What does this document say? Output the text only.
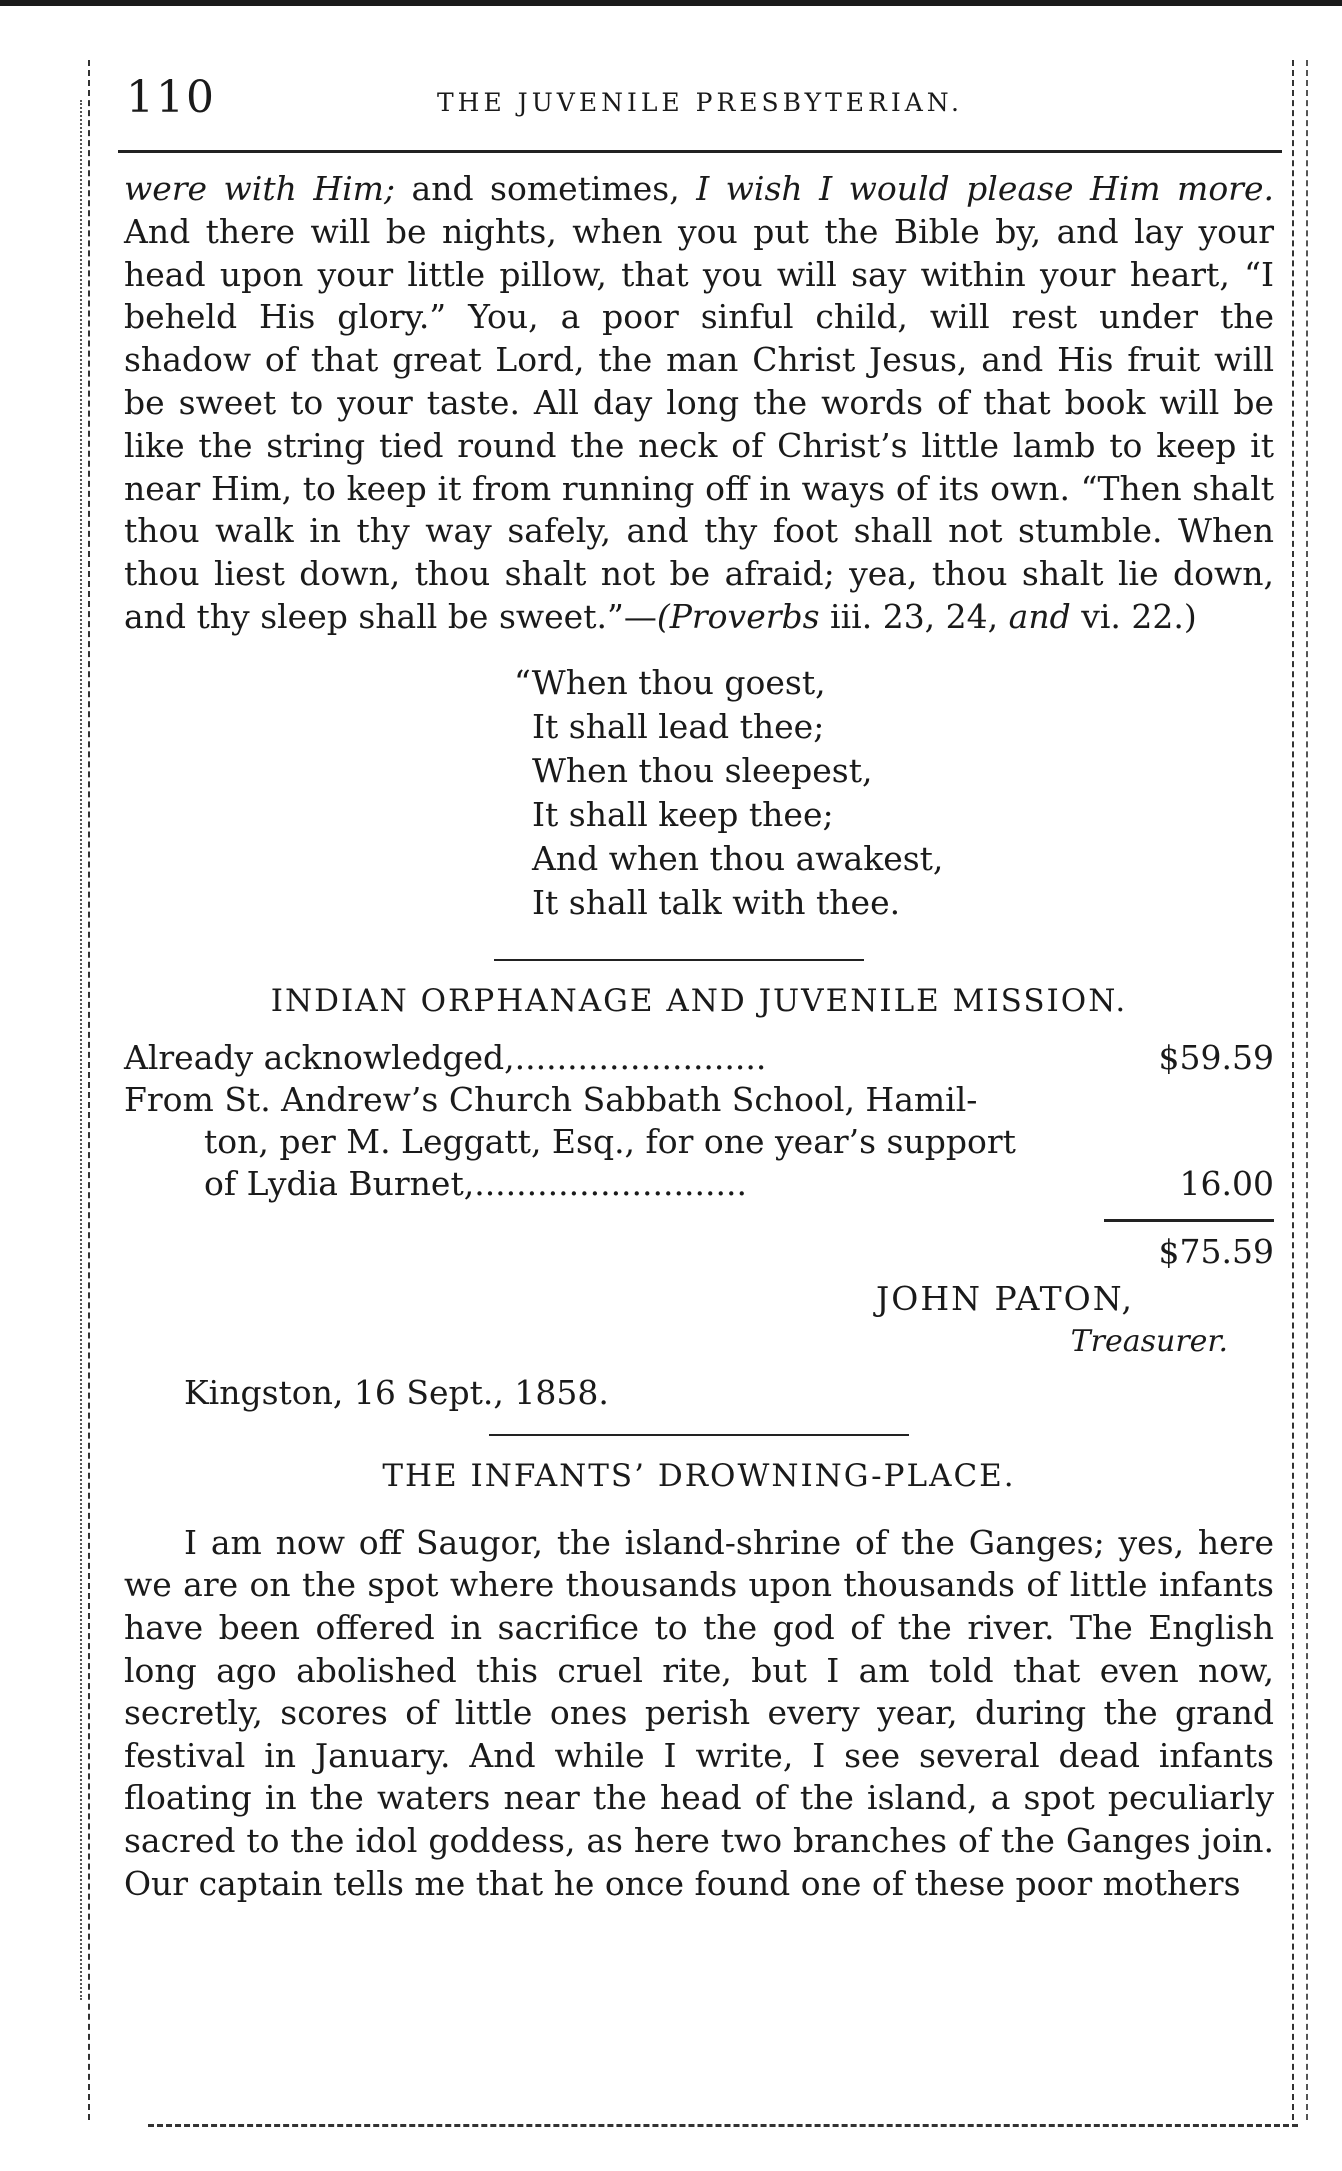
110	THE JUVENILE PRESBYTERIAN.

were with Him; and sometimes, I wish I would please Him more. And there will be nights, when you put the Bible by, and lay your head upon your little pillow, that you will say within your heart, “I beheld His glory.” You, a poor sinful child, will rest under the shadow of that great Lord, the man Christ Jesus, and His fruit will be sweet to your taste. All day long the words of that book will be like the string tied round the neck of Christ’s little lamb to keep it near Him, to keep it from running off in ways of its own. “Then shalt thou walk in thy way safely, and thy foot shall not stumble. When thou liest down, thou shalt not be afraid; yea, thou shalt lie down, and thy sleep shall be sweet.”—(Proverbs iii. 23, 24, and vi. 22.)

“When thou goest,
It shall lead thee;
When thou sleepest,
It shall keep thee;
And when thou awakest,
It shall talk with thee.
INDIAN ORPHANAGE AND JUVENILE MISSION.
Already acknowledged,........................	$59.59
From St. Andrew’s Church Sabbath School, Hamil-
ton, per M. Leggatt, Esq., for one year’s support
of Lydia Burnet,..........................	16.00
$75.59
JOHN PATON,
Treasurer.
Kingston, 16 Sept., 1858.
THE INFANTS’ DROWNING-PLACE.

I am now off Saugor, the island-shrine of the Ganges; yes, here we are on the spot where thousands upon thousands of little infants have been offered in sacrifice to the god of the river. The English long ago abolished this cruel rite, but I am told that even now, secretly, scores of little ones perish every year, during the grand festival in January. And while I write, I see several dead infants floating in the waters near the head of the island, a spot peculiarly sacred to the idol goddess, as here two branches of the Ganges join. Our captain tells me that he once found one of these poor mothers
